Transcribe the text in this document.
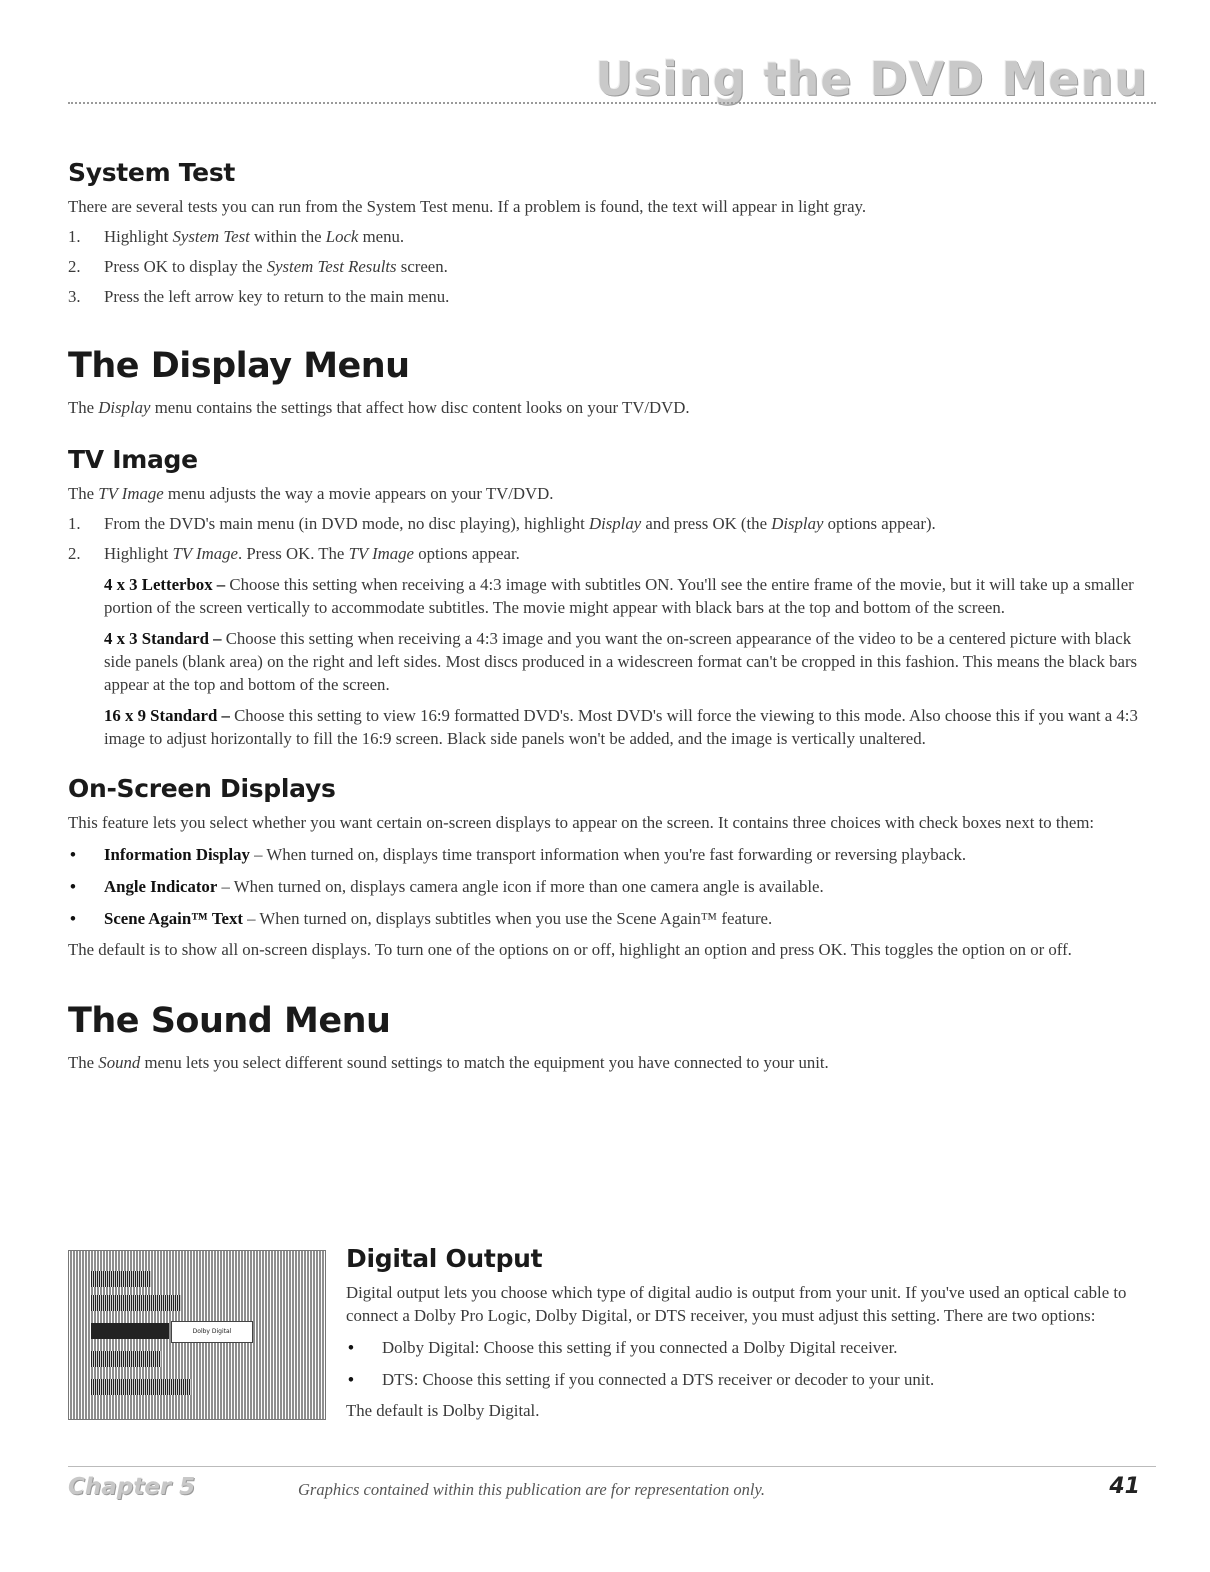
Using the DVD Menu
System Test

There are several tests you can run from the System Test menu. If a problem is found, the text will appear in light gray.

1. Highlight System Test within the Lock menu.
2. Press OK to display the System Test Results screen.
3. Press the left arrow key to return to the main menu.
The Display Menu

The Display menu contains the settings that affect how disc content looks on your TV/DVD.

TV Image

The TV Image menu adjusts the way a movie appears on your TV/DVD.

1. From the DVD's main menu (in DVD mode, no disc playing), highlight Display and press OK (the Display options appear).
2. Highlight TV Image. Press OK. The TV Image options appear.

4 x 3 Letterbox – Choose this setting when receiving a 4:3 image with subtitles ON. You'll see the entire frame of the movie, but it will take up a smaller portion of the screen vertically to accommodate subtitles. The movie might appear with black bars at the top and bottom of the screen.

4 x 3 Standard – Choose this setting when receiving a 4:3 image and you want the on-screen appearance of the video to be a centered picture with black side panels (blank area) on the right and left sides. Most discs produced in a widescreen format can't be cropped in this fashion. This means the black bars appear at the top and bottom of the screen.

16 x 9 Standard – Choose this setting to view 16:9 formatted DVD's. Most DVD's will force the viewing to this mode. Also choose this if you want a 4:3 image to adjust horizontally to fill the 16:9 screen. Black side panels won't be added, and the image is vertically unaltered.

On-Screen Displays

This feature lets you select whether you want certain on-screen displays to appear on the screen. It contains three choices with check boxes next to them:

• Information Display – When turned on, displays time transport information when you're fast forwarding or reversing playback.
• Angle Indicator – When turned on, displays camera angle icon if more than one camera angle is available.
• Scene Again™ Text – When turned on, displays subtitles when you use the Scene Again™ feature.

The default is to show all on-screen displays. To turn one of the options on or off, highlight an option and press OK. This toggles the option on or off.

The Sound Menu

The Sound menu lets you select different sound settings to match the equipment you have connected to your unit.

Dolby Digital
Digital Output

Digital output lets you choose which type of digital audio is output from your unit. If you've used an optical cable to connect a Dolby Pro Logic, Dolby Digital, or DTS receiver, you must adjust this setting. There are two options:

• Dolby Digital: Choose this setting if you connected a Dolby Digital receiver.
• DTS: Choose this setting if you connected a DTS receiver or decoder to your unit.

The default is Dolby Digital.

Chapter 5	Graphics contained within this publication are for representation only.	41
